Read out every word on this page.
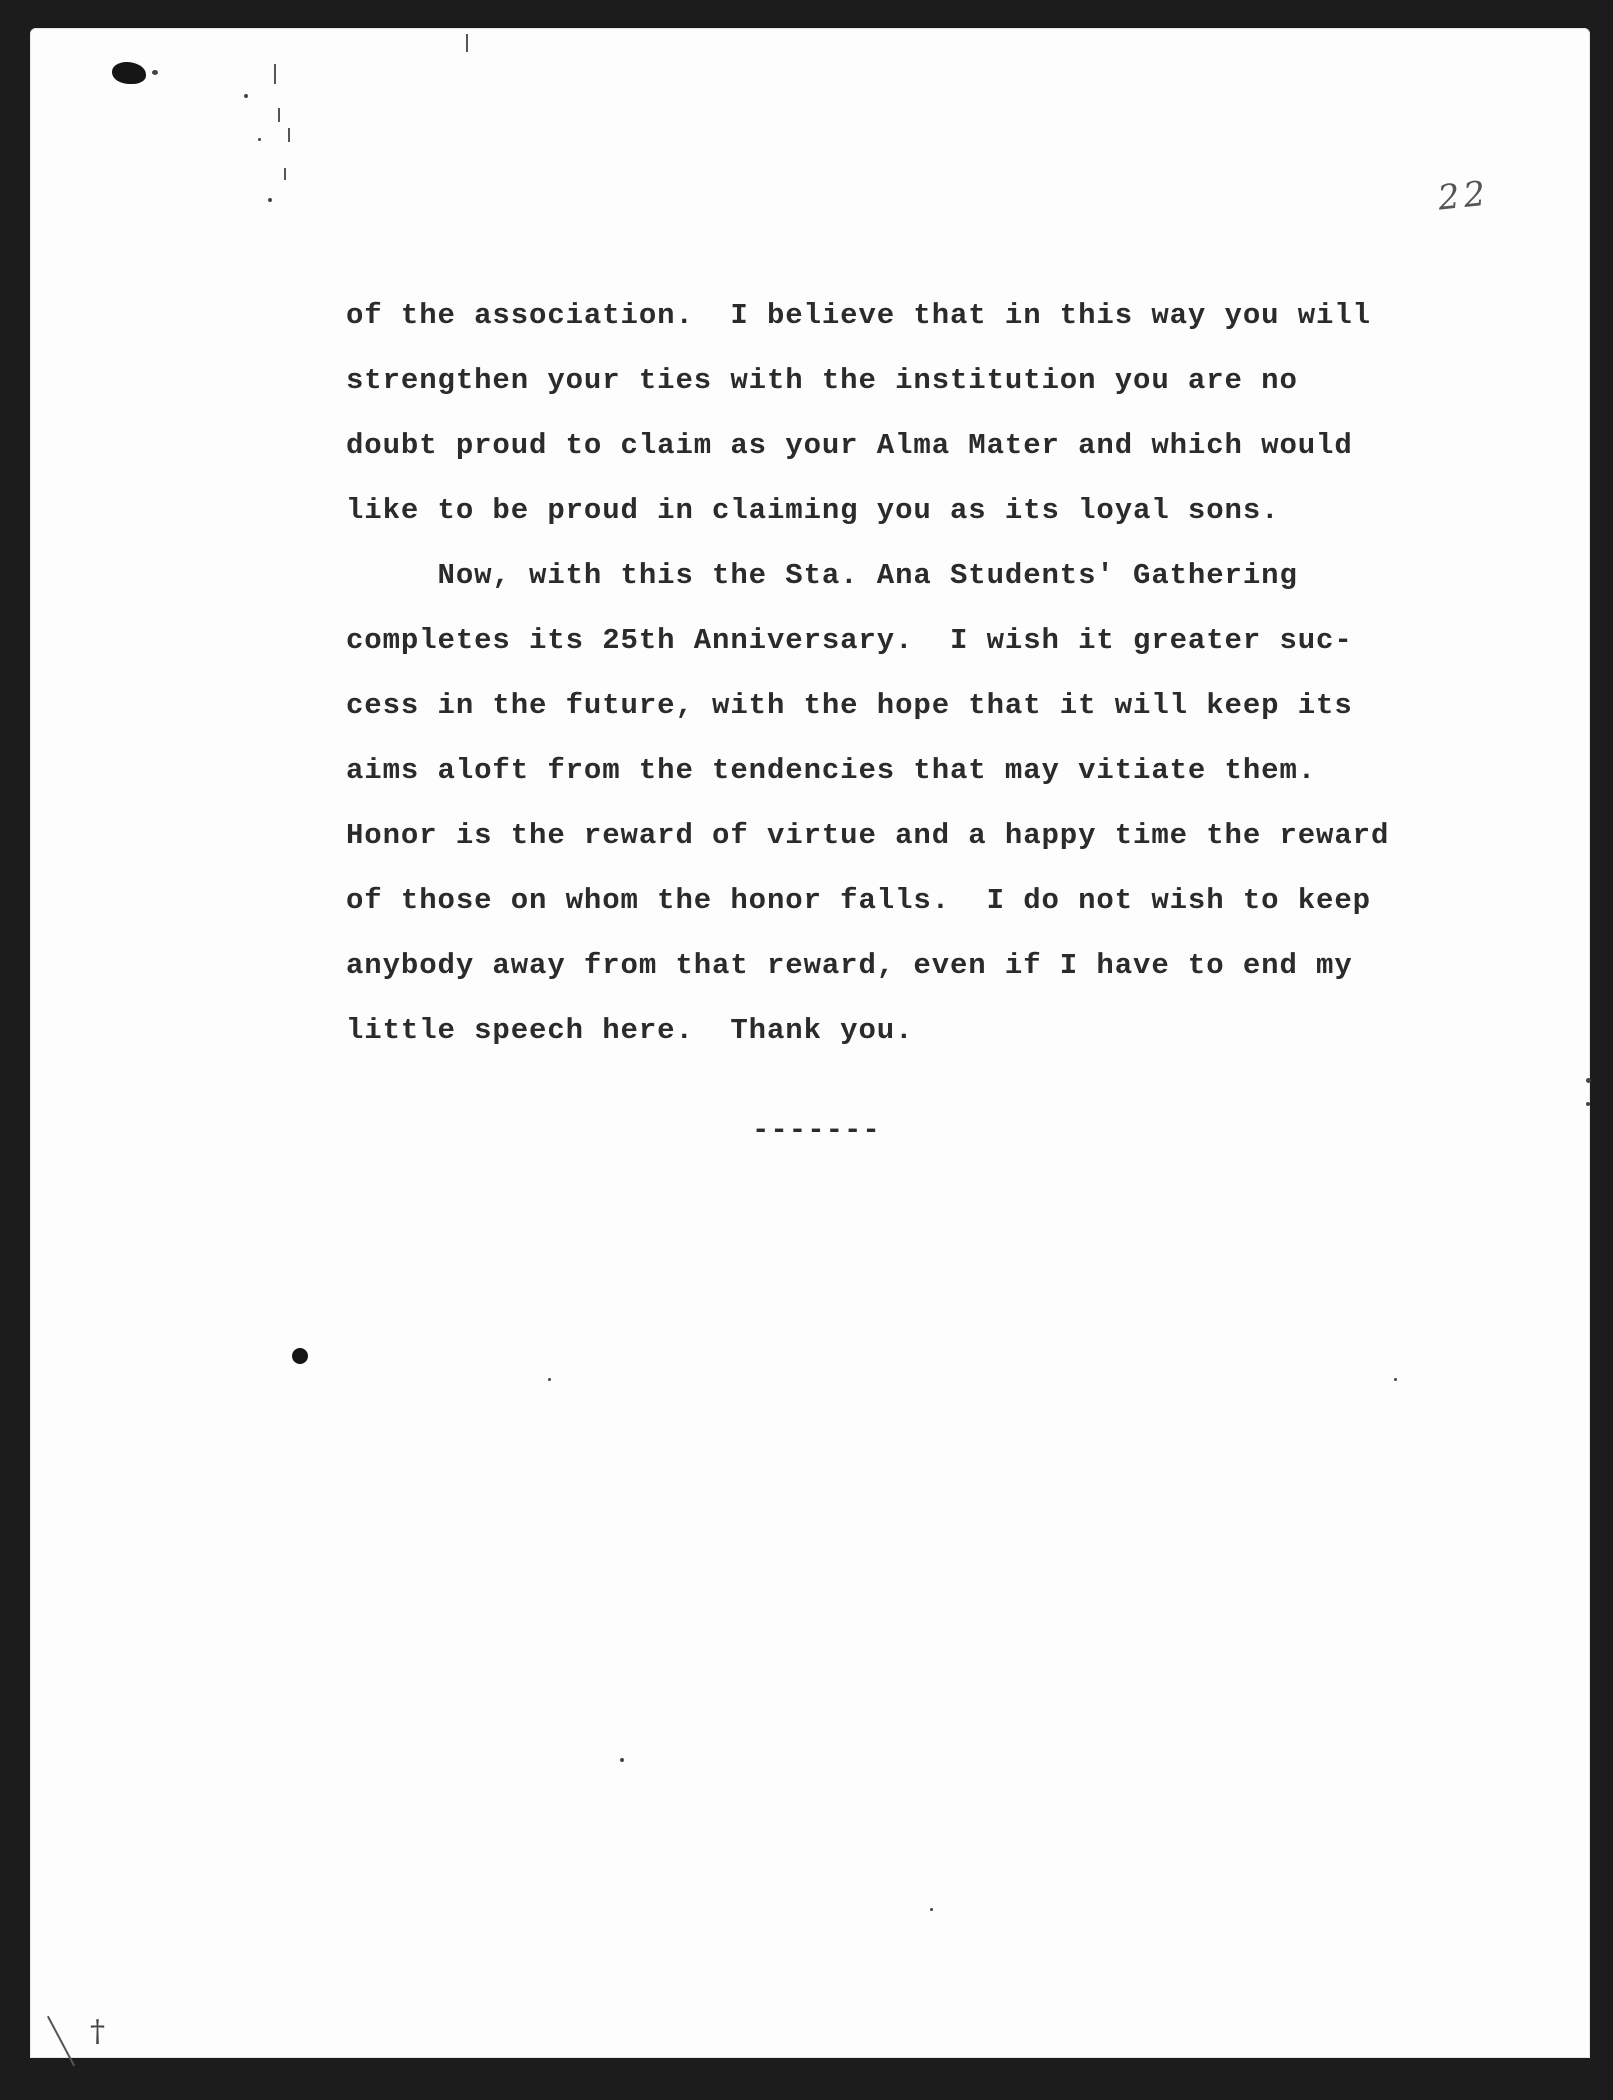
22
of the association.  I believe that in this way you will
strengthen your ties with the institution you are no
doubt proud to claim as your Alma Mater and which would
like to be proud in claiming you as its loyal sons.
Now, with this the Sta. Ana Students' Gathering
completes its 25th Anniversary.  I wish it greater suc-
cess in the future, with the hope that it will keep its
aims aloft from the tendencies that may vitiate them.
Honor is the reward of virtue and a happy time the reward
of those on whom the honor falls.  I do not wish to keep
anybody away from that reward, even if I have to end my
little speech here.  Thank you.
-------
†
